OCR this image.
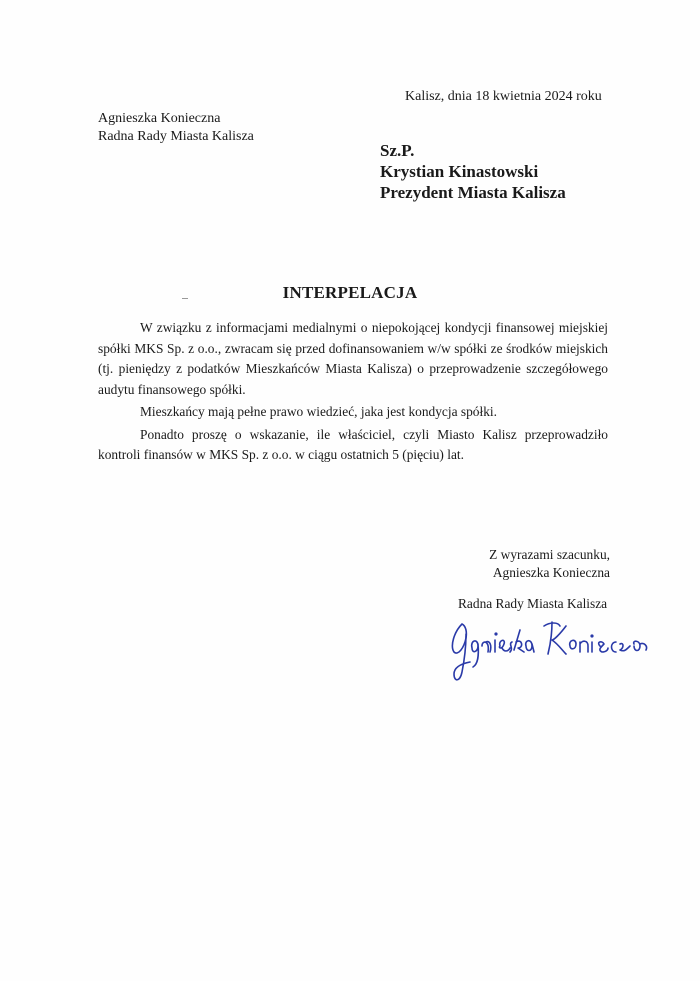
Kalisz, dnia 18 kwietnia 2024 roku
Agnieszka Konieczna
Radna Rady Miasta Kalisza
Sz.P.
Krystian Kinastowski
Prezydent Miasta Kalisza
INTERPELACJA

W związku z informacjami medialnymi o niepokojącej kondycji finansowej miejskiej spółki MKS Sp. z o.o., zwracam się przed dofinansowaniem w/w spółki ze środków miejskich (tj. pieniędzy z podatków Mieszkańców Miasta Kalisza) o przeprowadzenie szczegółowego audytu finansowego spółki.

Mieszkańcy mają pełne prawo wiedzieć, jaka jest kondycja spółki.

Ponadto proszę o wskazanie, ile właściciel, czyli Miasto Kalisz przeprowadziło kontroli finansów w MKS Sp. z o.o. w ciągu ostatnich 5 (pięciu) lat.

Z wyrazami szacunku,
Agnieszka Konieczna
Radna Rady Miasta Kalisza
